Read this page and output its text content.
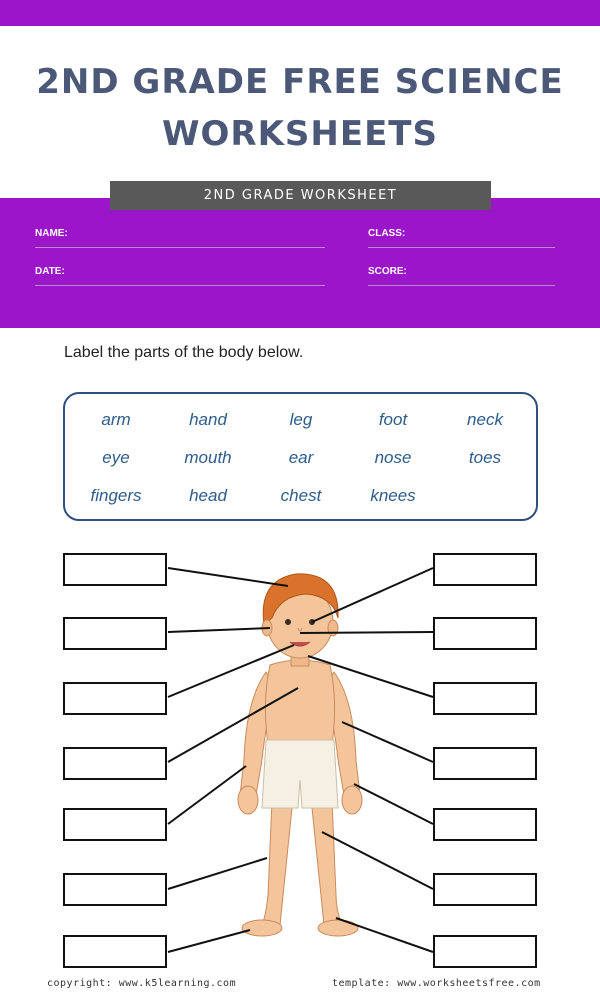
2ND GRADE FREE SCIENCE WORKSHEETS
2ND GRADE WORKSHEET
NAME:	CLASS:
DATE:	SCORE:
Label the parts of the body below.
arm	hand	leg	foot	neck
eye	mouth	ear	nose	toes
fingers	head	chest	knees
copyright: www.k5learning.com	template: www.worksheetsfree.com
